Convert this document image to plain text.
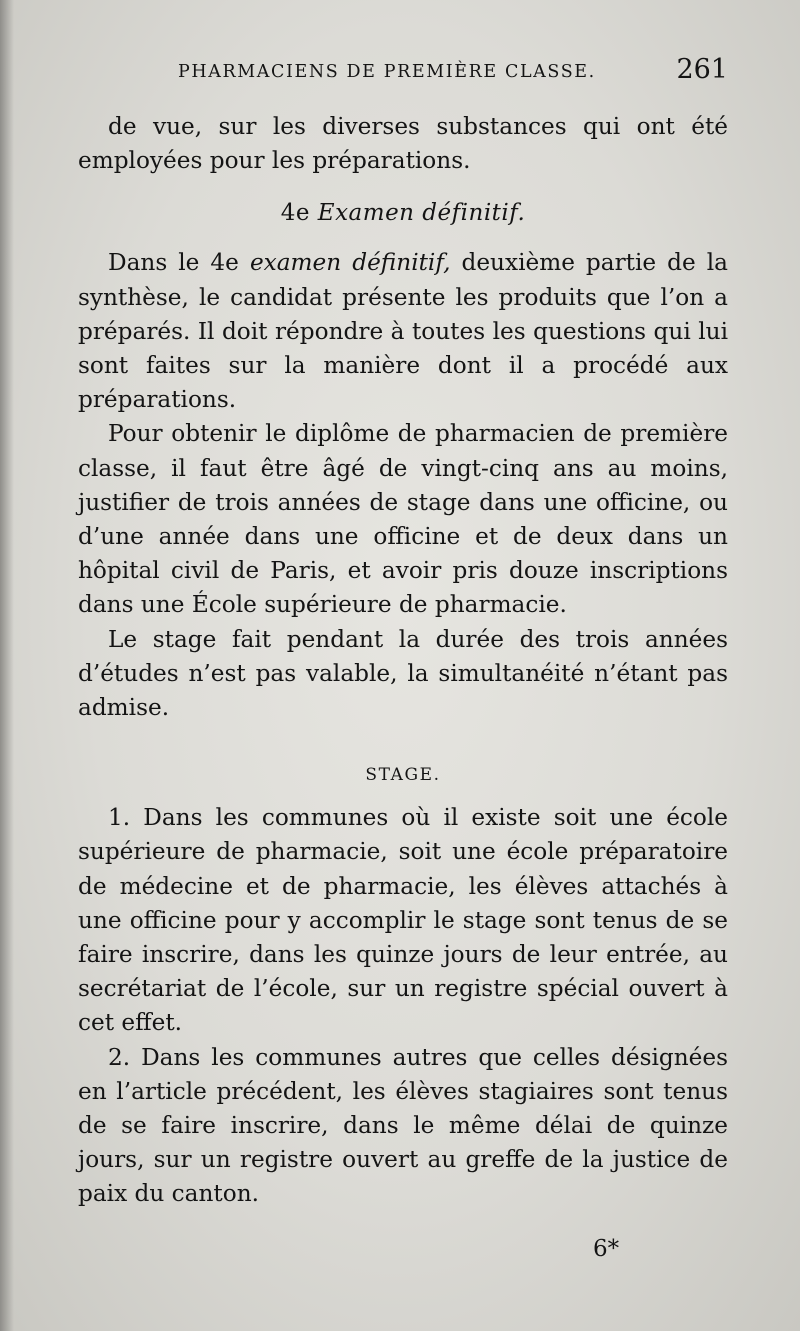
PHARMACIENS DE PREMIÈRE CLASSE.	261

de vue, sur les diverses substances qui ont été employées pour les préparations.

4e Examen définitif.

Dans le 4e examen définitif, deuxième partie de la synthèse, le candidat présente les produits que l’on a préparés. Il doit répondre à toutes les questions qui lui sont faites sur la manière dont il a procédé aux préparations.

Pour obtenir le diplôme de pharmacien de première classe, il faut être âgé de vingt-cinq ans au moins, justifier de trois années de stage dans une officine, ou d’une année dans une officine et de deux dans un hôpital civil de Paris, et avoir pris douze inscriptions dans une École supérieure de pharmacie.

Le stage fait pendant la durée des trois années d’études n’est pas valable, la simultanéité n’étant pas admise.

STAGE.

1. Dans les communes où il existe soit une école supérieure de pharmacie, soit une école préparatoire de médecine et de pharmacie, les élèves attachés à une officine pour y accomplir le stage sont tenus de se faire inscrire, dans les quinze jours de leur entrée, au secrétariat de l’école, sur un registre spécial ouvert à cet effet.

2. Dans les communes autres que celles désignées en l’article précédent, les élèves stagiaires sont tenus de se faire inscrire, dans le même délai de quinze jours, sur un registre ouvert au greffe de la justice de paix du canton.

6*
